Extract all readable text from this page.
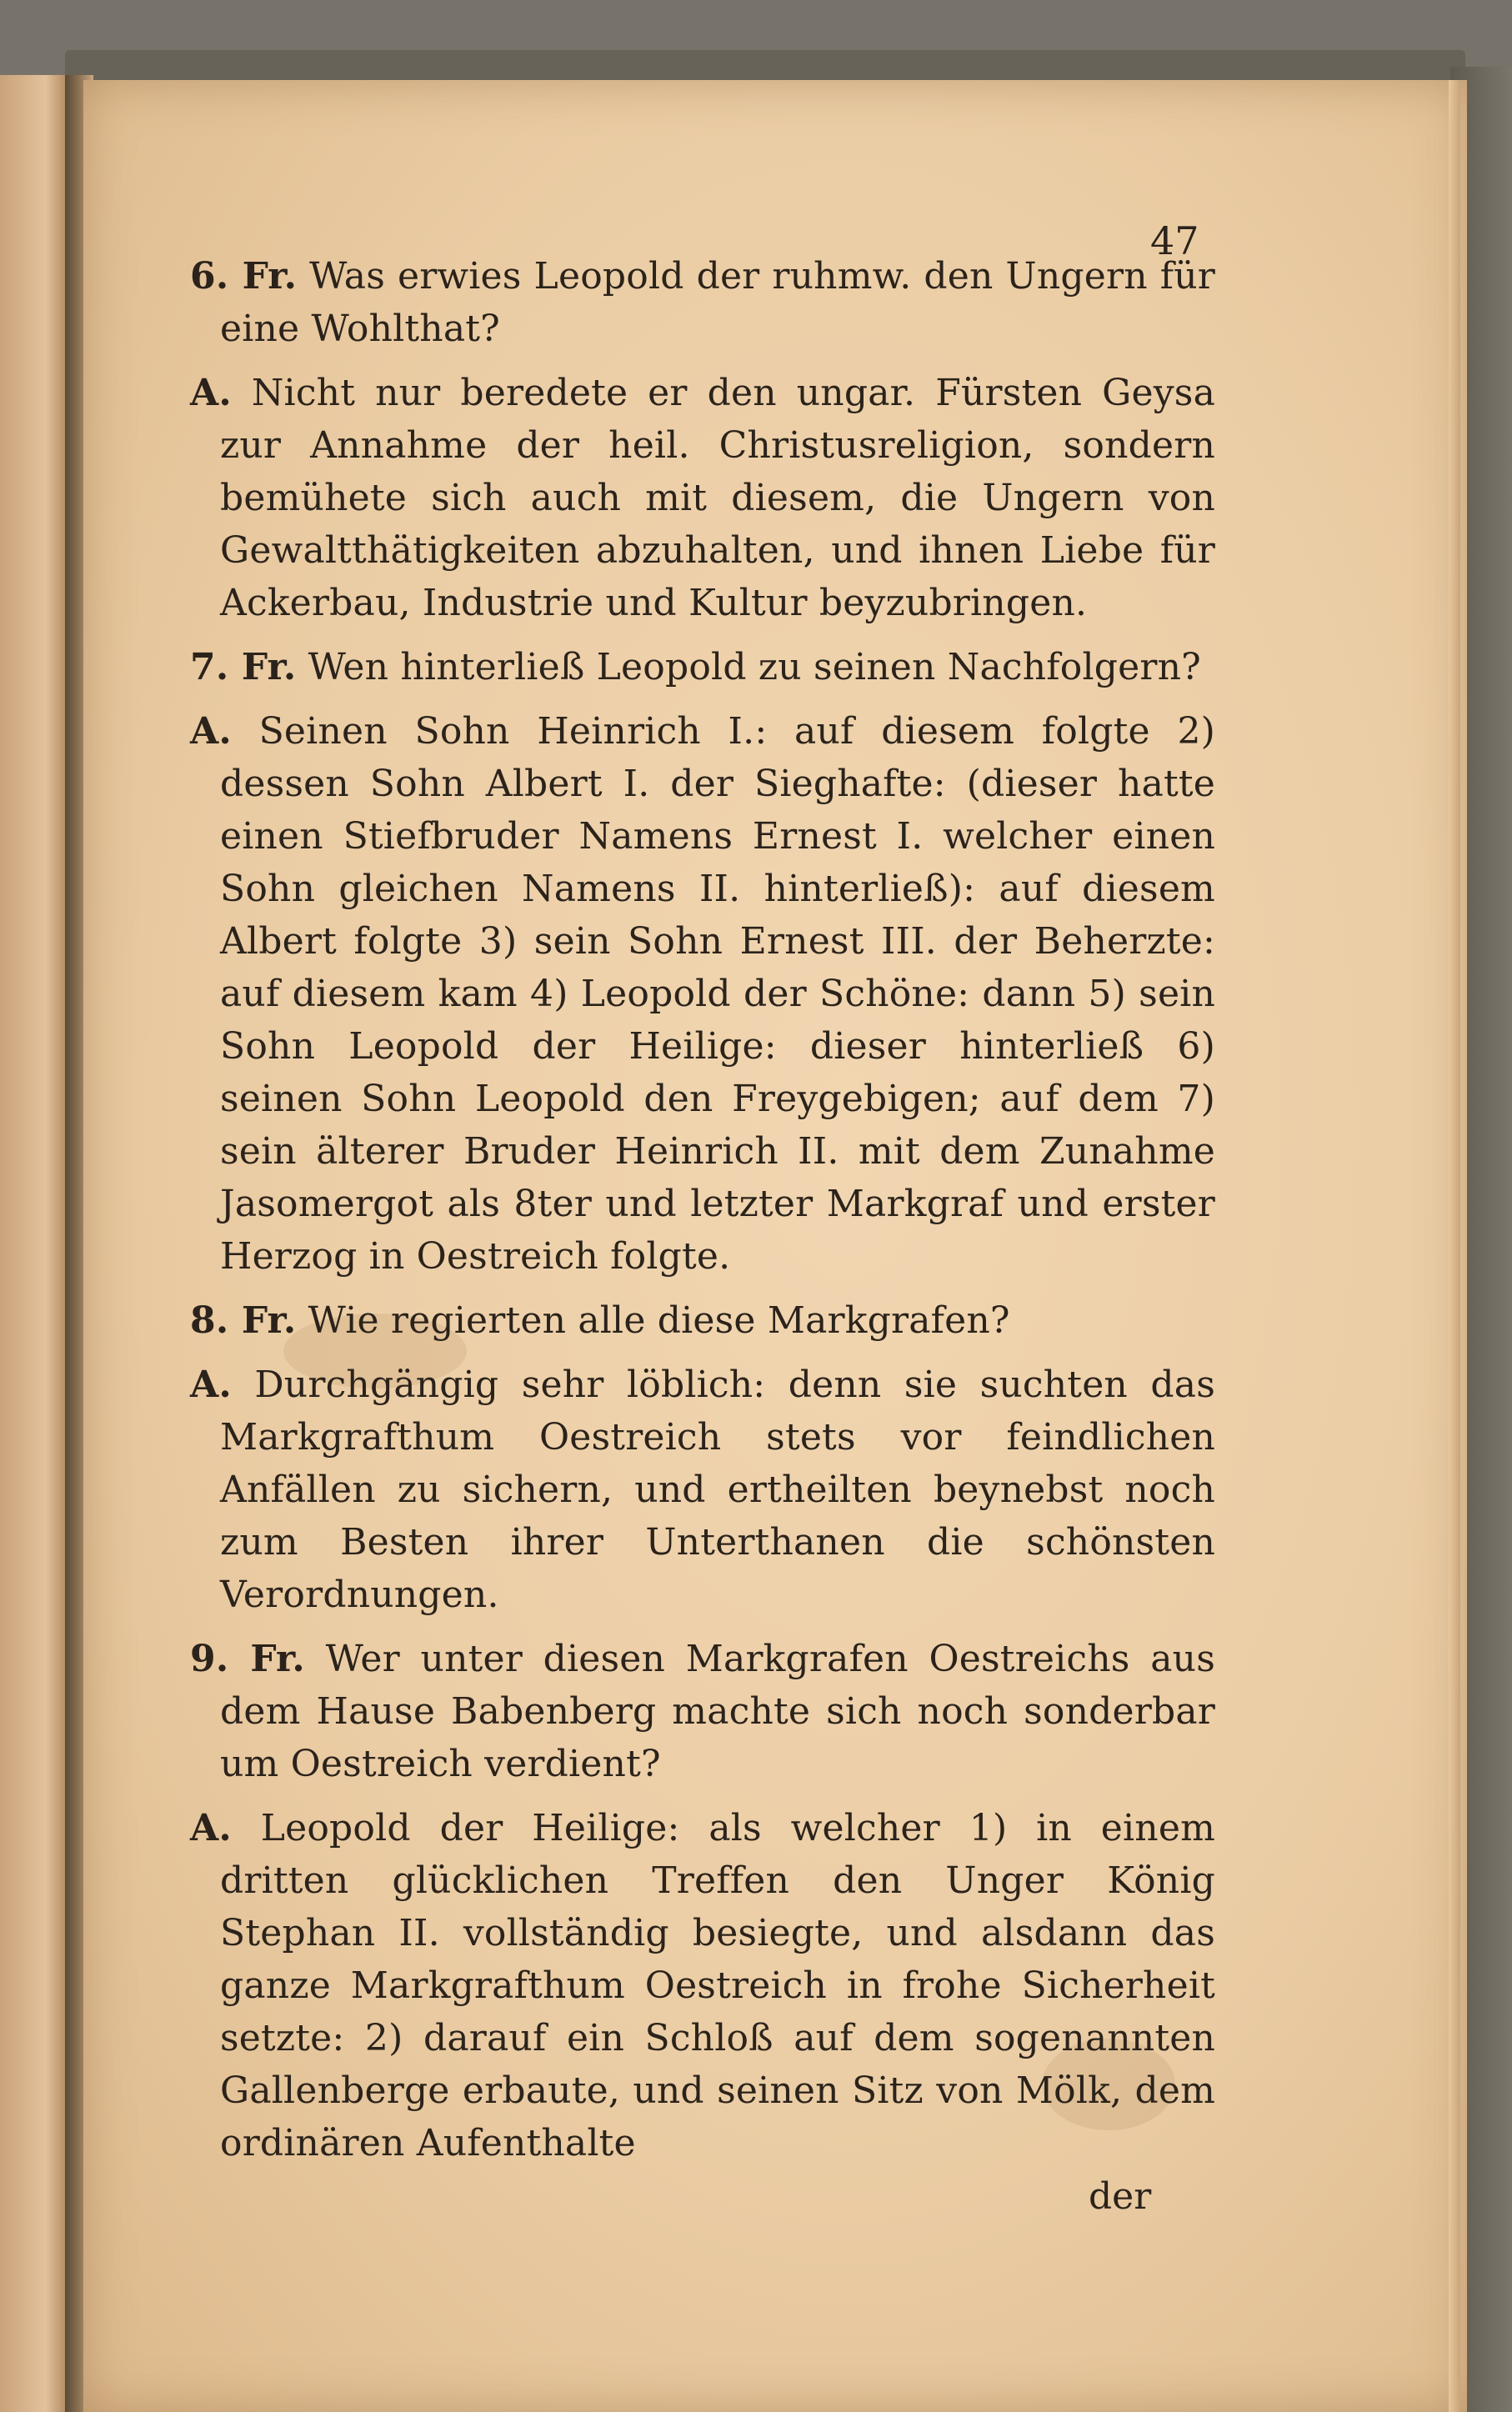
47

6. Fr. Was erwies Leopold der ruhmw. den Ungern für eine Wohlthat?

A. Nicht nur beredete er den ungar. Fürsten Geysa zur Annahme der heil. Christusreligion, sondern bemühete sich auch mit diesem, die Ungern von Gewaltthätigkeiten abzuhalten, und ihnen Liebe für Ackerbau, Industrie und Kultur beyzubringen.

7. Fr. Wen hinterließ Leopold zu seinen Nachfolgern?

A. Seinen Sohn Heinrich I.: auf diesem folgte 2) dessen Sohn Albert I. der Sieghafte: (dieser hatte einen Stiefbruder Namens Ernest I. welcher einen Sohn gleichen Namens II. hinterließ): auf diesem Albert folgte 3) sein Sohn Ernest III. der Beherzte: auf diesem kam 4) Leopold der Schöne: dann 5) sein Sohn Leopold der Heilige: dieser hinterließ 6) seinen Sohn Leopold den Freygebigen; auf dem 7) sein älterer Bruder Heinrich II. mit dem Zunahme Jasomergot als 8ter und letzter Markgraf und erster Herzog in Oestreich folgte.

8. Fr. Wie regierten alle diese Markgrafen?

A. Durchgängig sehr löblich: denn sie suchten das Markgrafthum Oestreich stets vor feindlichen Anfällen zu sichern, und ertheilten beynebst noch zum Besten ihrer Unterthanen die schönsten Verordnungen.

9. Fr. Wer unter diesen Markgrafen Oestreichs aus dem Hause Babenberg machte sich noch sonderbar um Oestreich verdient?

A. Leopold der Heilige: als welcher 1) in einem dritten glücklichen Treffen den Unger König Stephan II. vollständig besiegte, und alsdann das ganze Markgrafthum Oestreich in frohe Sicherheit setzte: 2) darauf ein Schloß auf dem sogenannten Gallenberge erbaute, und seinen Sitz von Mölk, dem ordinären Aufenthalte

der
